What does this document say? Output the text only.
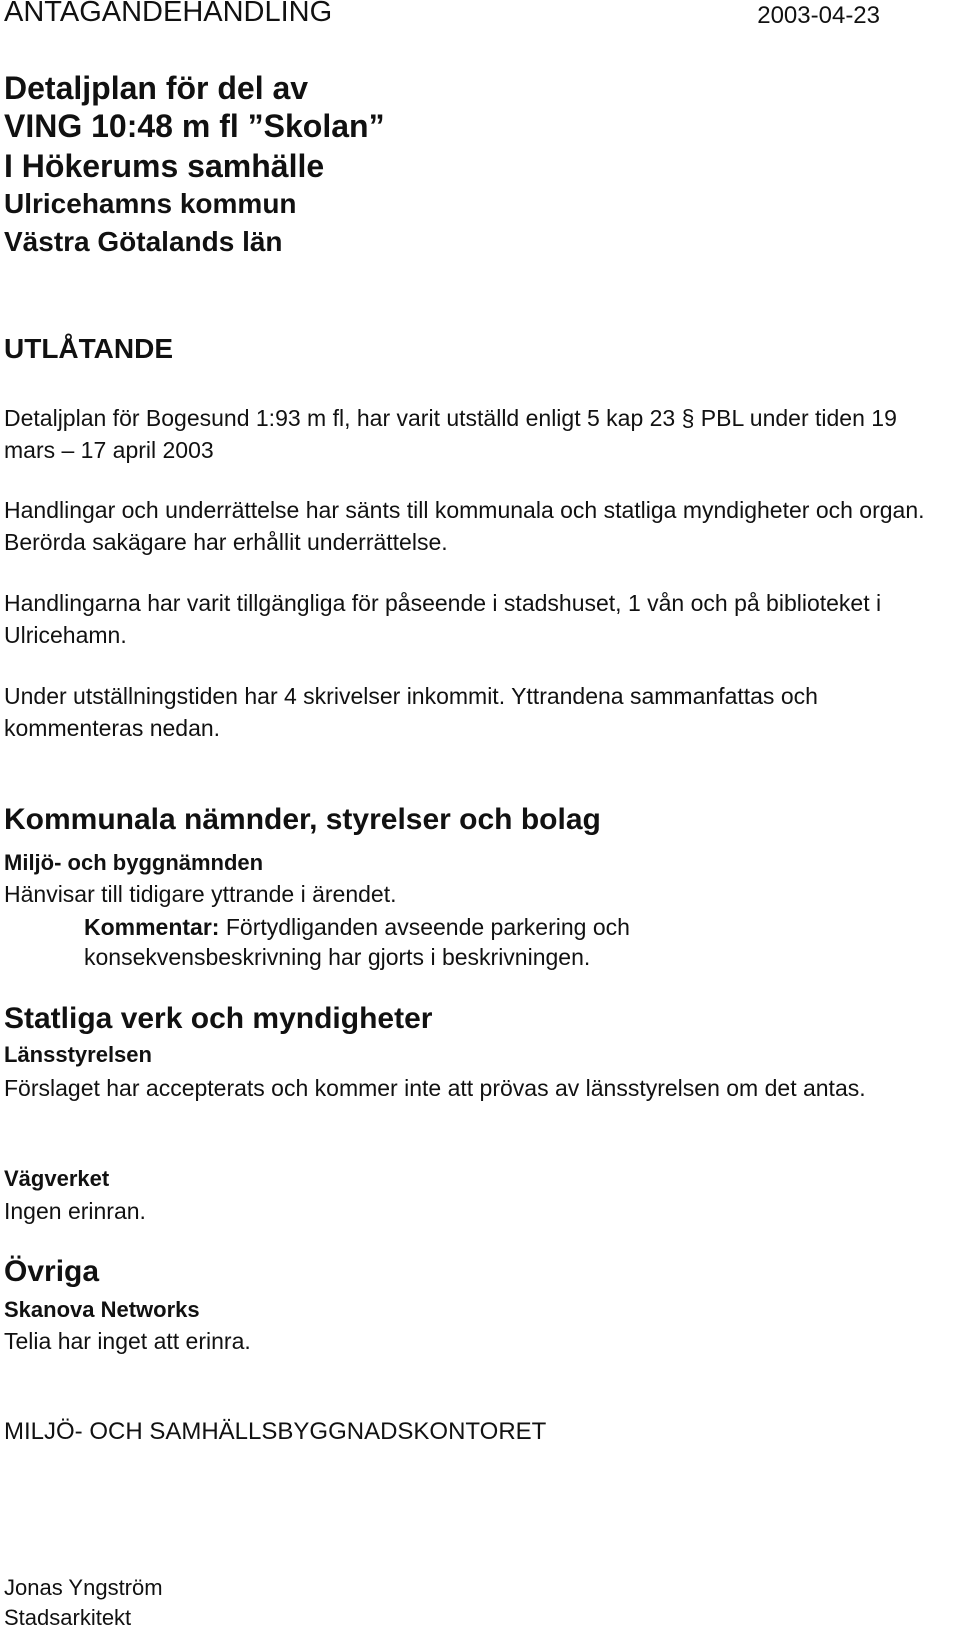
ANTAGANDEHANDLING	2003-04-23
Detaljplan för del av
VING 10:48 m fl ”Skolan”
I Hökerums samhälle
Ulricehamns kommun
Västra Götalands län
UTLÅTANDE
Detaljplan för Bogesund 1:93 m fl, har varit utställd enligt 5 kap 23 § PBL under tiden 19 mars – 17 april 2003
Handlingar och underrättelse har sänts till kommunala och statliga myndigheter och organ. Berörda sakägare har erhållit underrättelse.
Handlingarna har varit tillgängliga för påseende i stadshuset, 1 vån och på biblioteket i Ulricehamn.
Under utställningstiden har 4 skrivelser inkommit. Yttrandena sammanfattas och kommenteras nedan.
Kommunala nämnder, styrelser och bolag
Miljö- och byggnämnden
Hänvisar till tidigare yttrande i ärendet.
Kommentar: Förtydliganden avseende parkering och konsekvensbeskrivning har gjorts i beskrivningen.
Statliga verk och myndigheter
Länsstyrelsen
Förslaget har accepterats och kommer inte att prövas av länsstyrelsen om det antas.
Vägverket
Ingen erinran.
Övriga
Skanova Networks
Telia har inget att erinra.
MILJÖ- OCH SAMHÄLLSBYGGNADSKONTORET
Jonas Yngström
Stadsarkitekt
